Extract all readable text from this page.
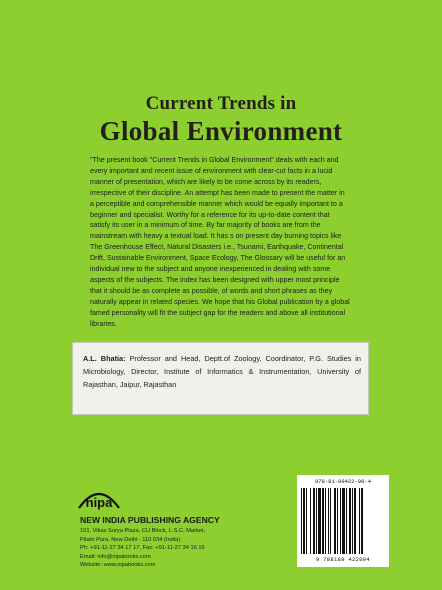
Current Trends in
Global Environment
"The present book "Current Trends in Global Environment" deals with each and every important and recent issue of environment with clear-cut facts in a lucid manner of presentation, which are likely to be come across by its readers, irrespective of their discipline. An attempt has been made to present the matter in a perceptible and comprehensible manner which would be equally important to a beginner and specialist. Worthy for a reference for its up-to-date content that satisfy its user in a minimum of time. By far majority of books are from the mainstream with heavy a textual load. It has s on present day burning topics like The Greenhouse Effect, Natural Disasters i.e., Tsunami, Earthquake, Continental Drift, Sustainable Environment, Space Ecology, The Glossary will be useful for an individual new to the subject and anyone inexperienced in dealing with some aspects of the subjects. The index has been designed with upper most principle that it should be as complete as possible, of words and short phrases as they naturally appear in related species. We hope that his Global publication by a global famed personality will fit the subject gap for the readers and above all institutional libraries.
A.L. Bhatia: Professor and Head, Deptt.of Zoology, Coordinator, P.G. Studies in Microbiology, Director, Institute of Informatics & Instrumentation, University of Rajasthan, Jaipur, Rajasthan
nipa
NEW INDIA PUBLISHING AGENCY
101, Vikas Surya Plaza, CU Block, L.S.C. Market,
Pitam Pura, New Delhi - 110 034 (India)
Ph: +91-11-27 34 17 17, Fax: +91-11-27 34 16 16
Email: info@nipabooks.com
Website: www.nipabooks.com
978-81-89422-00-4
9 788189 422004
